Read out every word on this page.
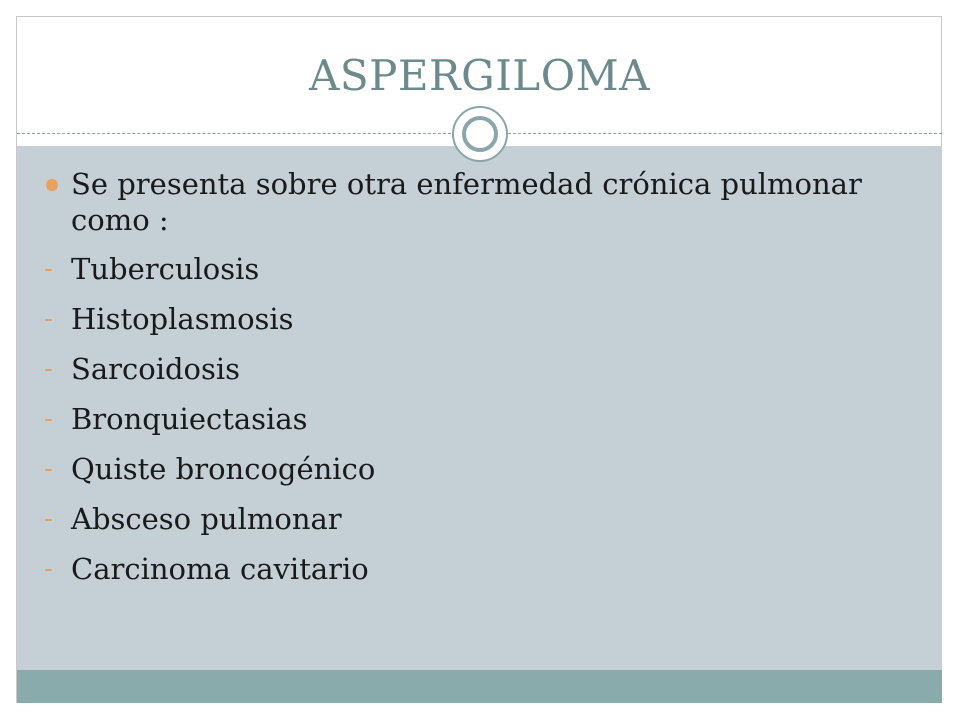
ASPERGILOMA
Se presenta sobre otra enfermedad crónica pulmonar como :
- Tuberculosis
- Histoplasmosis
- Sarcoidosis
- Bronquiectasias
- Quiste broncogénico
- Absceso pulmonar
- Carcinoma cavitario
